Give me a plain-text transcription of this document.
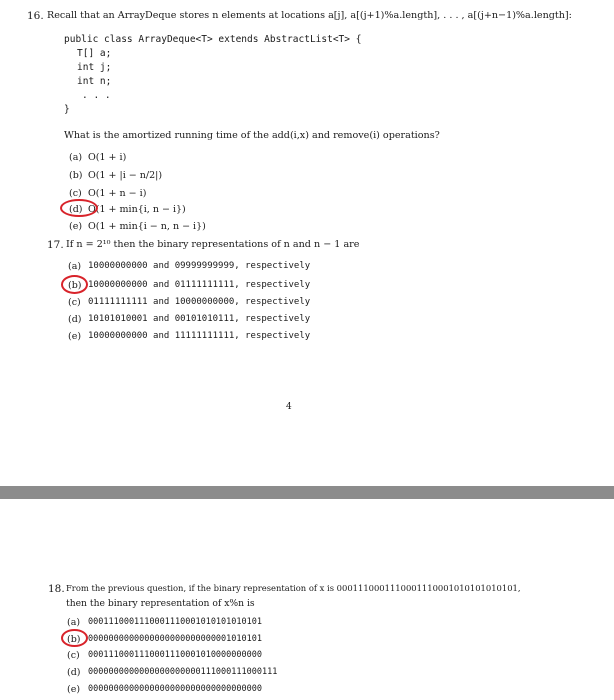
16. Recall that an ArrayDeque stores n elements at locations a[j], a[(j+1)%a.length], . . . , a[(j+n−1)%a.length]:
public class ArrayDeque<T> extends AbstractList<T> {
T[] a;
int j;
int n;
. . .
}
What is the amortized running time of the add(i,x) and remove(i) operations?
(a) O(1 + i)
(b) O(1 + |i − n/2|)
(c) O(1 + n − i)
(d) O(1 + min{i, n − i})
(e) O(1 + min{i − n, n − i})
17. If n = 2¹⁰ then the binary representations of n and n − 1 are
(a) 10000000000 and 09999999999, respectively
(b) 10000000000 and 01111111111, respectively
(c) 01111111111 and 10000000000, respectively
(d) 10101010001 and 00101010111, respectively
(e) 10000000000 and 11111111111, respectively
4
18. From the previous question, if the binary representation of x is 0001110001110001110001010101010101,
then the binary representation of x%n is
(a) 0001110001110001110001010101010101
(b) 0000000000000000000000000001010101
(c) 0001110001110001110001010000000000
(d) 0000000000000000000000111000111000111
(e) 0000000000000000000000000000000000
